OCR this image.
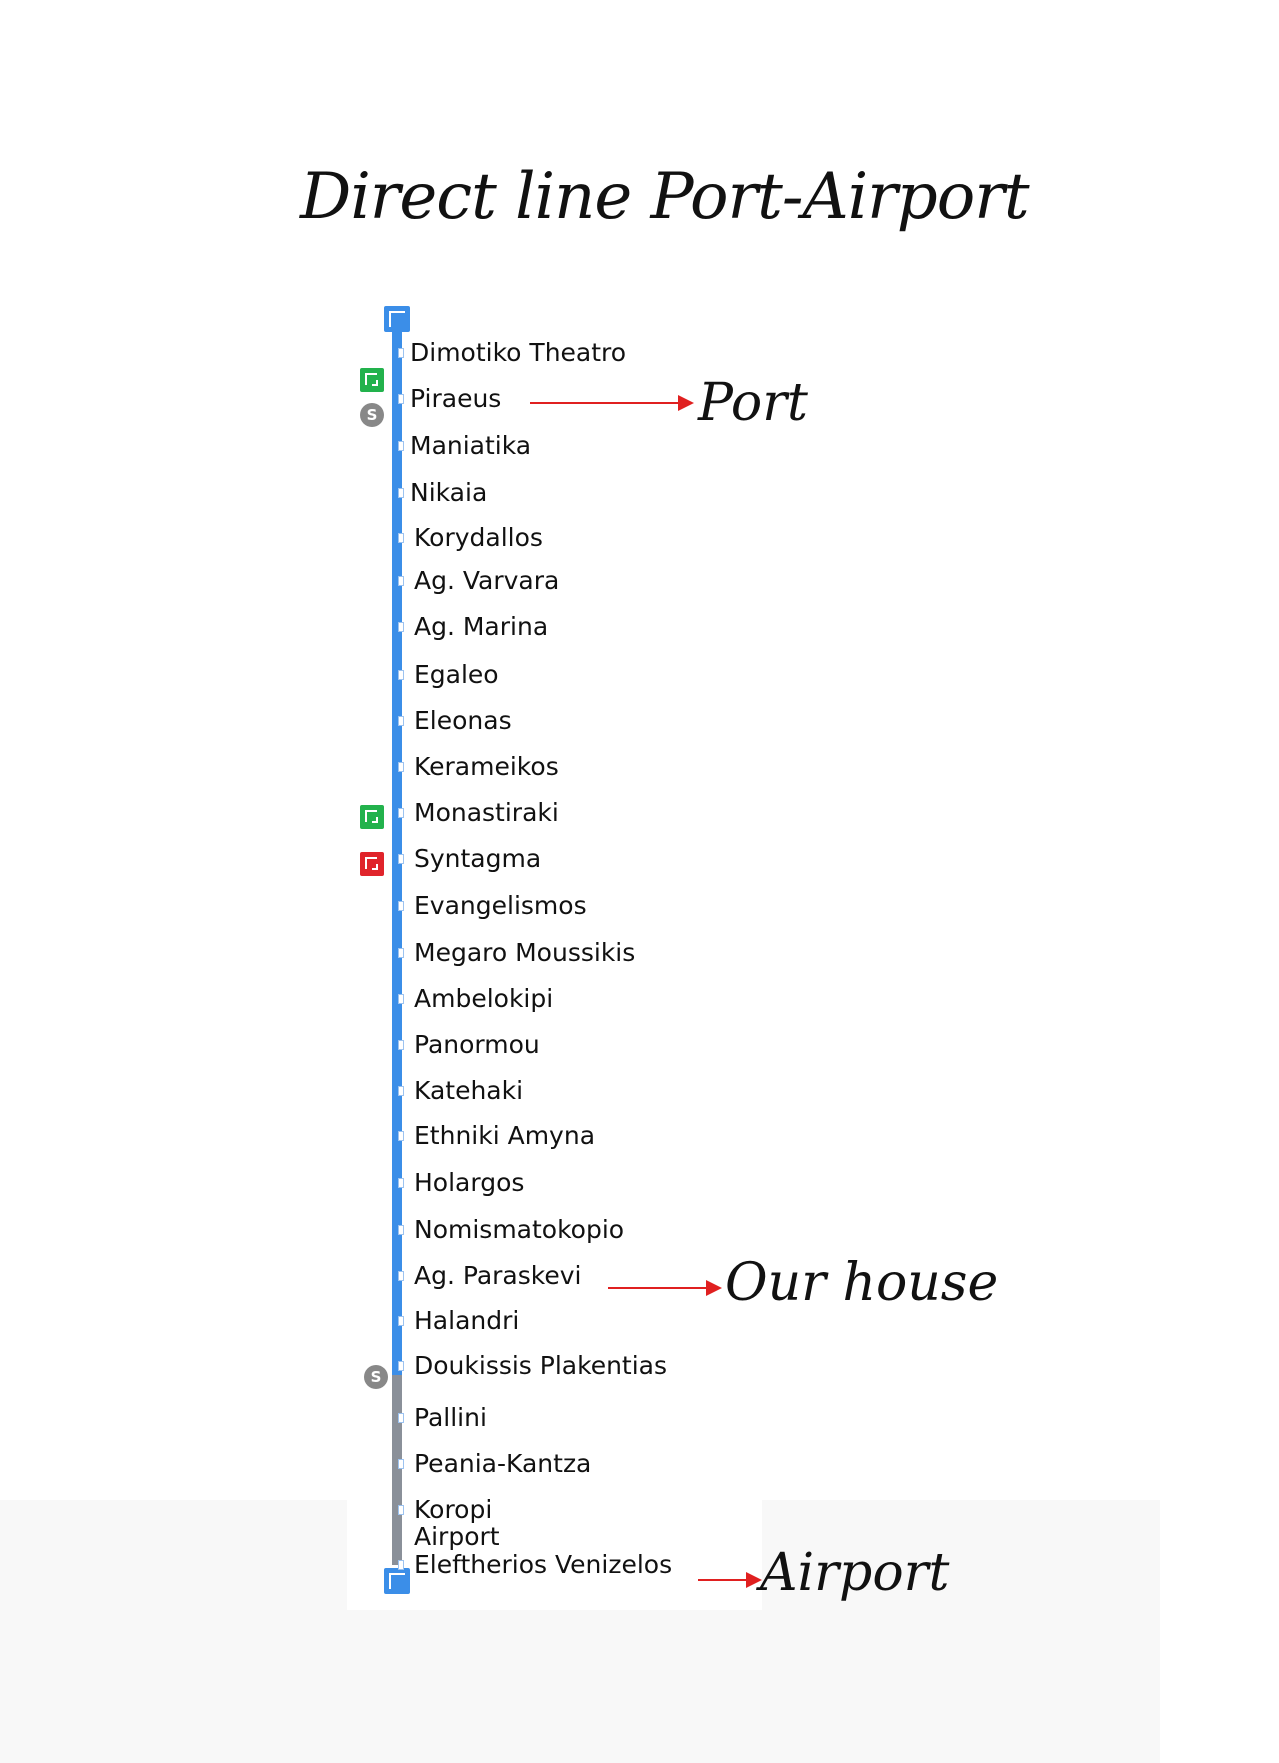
Direct line Port-Airport
Dimotiko Theatro
Piraeus
Maniatika
Nikaia
Korydallos
Ag. Varvara
Ag. Marina
Egaleo
Eleonas
Kerameikos
Monastiraki
Syntagma
Evangelismos
Megaro Moussikis
Ambelokipi
Panormou
Katehaki
Ethniki Amyna
Holargos
Nomismatokopio
Ag. Paraskevi
Halandri
Doukissis Plakentias
Pallini
Peania-Kantza
Koropi
Airport
Eleftherios Venizelos
S
S
Port
Our house
Airport
